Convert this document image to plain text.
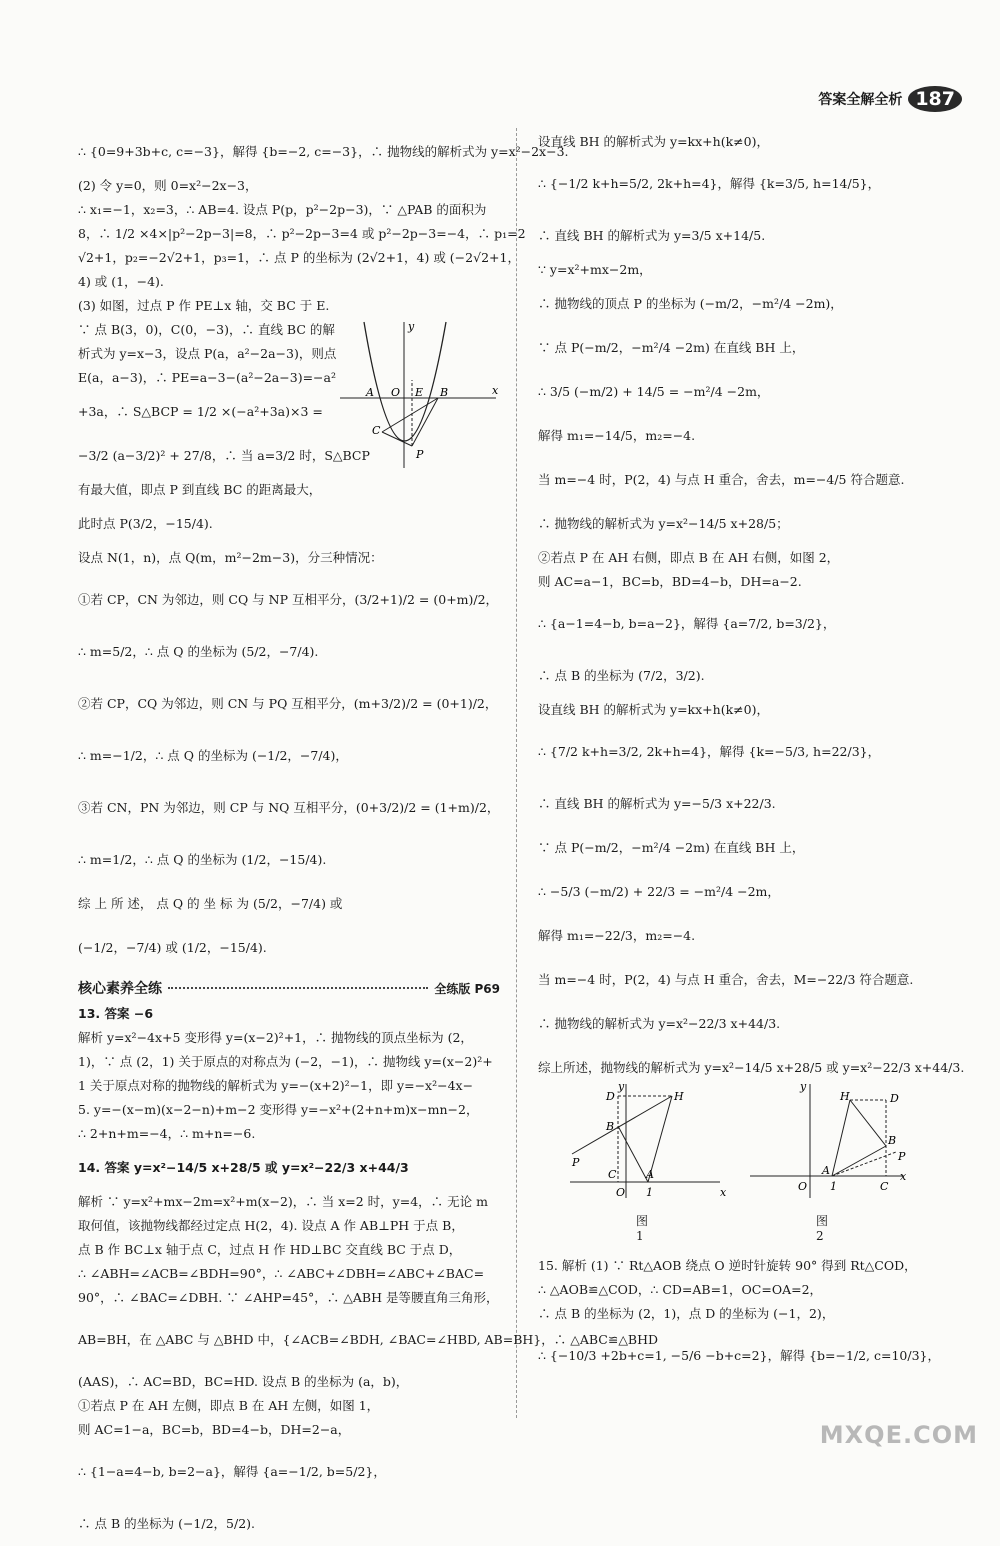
答案全解全析 187
∴ {0=9+3b+c, c=−3}，解得 {b=−2, c=−3}，∴ 抛物线的解析式为 y=x²−2x−3.
(2) 令 y=0，则 0=x²−2x−3，
∴ x₁=−1，x₂=3，∴ AB=4. 设点 P(p，p²−2p−3)，∵ △PAB 的面积为
8，∴ 1/2 ×4×|p²−2p−3|=8，∴ p²−2p−3=4 或 p²−2p−3=−4，∴ p₁=2
√2+1，p₂=−2√2+1，p₃=1，∴ 点 P 的坐标为 (2√2+1，4) 或 (−2√2+1，
4) 或 (1，−4).
(3) 如图，过点 P 作 PE⊥x 轴，交 BC 于 E.
∵ 点 B(3，0)，C(0，−3)，∴ 直线 BC 的解
析式为 y=x−3，设点 P(a，a²−2a−3)，则点
E(a，a−3)，∴ PE=a−3−(a²−2a−3)=−a²
+3a，∴ S△BCP = 1/2 ×(−a²+3a)×3 =
−3/2 (a−3/2)² + 27/8，∴ 当 a=3/2 时，S△BCP
有最大值，即点 P 到直线 BC 的距离最大，
此时点 P(3/2，−15/4).
设点 N(1，n)，点 Q(m，m²−2m−3)，分三种情况：
①若 CP，CN 为邻边，则 CQ 与 NP 互相平分，(3/2+1)/2 = (0+m)/2，
∴ m=5/2，∴ 点 Q 的坐标为 (5/2，−7/4).
②若 CP，CQ 为邻边，则 CN 与 PQ 互相平分，(m+3/2)/2 = (0+1)/2，
∴ m=−1/2，∴ 点 Q 的坐标为 (−1/2，−7/4)，
③若 CN，PN 为邻边，则 CP 与 NQ 互相平分，(0+3/2)/2 = (1+m)/2，
∴ m=1/2，∴ 点 Q 的坐标为 (1/2，−15/4).
综 上 所 述， 点 Q 的 坐 标 为 (5/2，−7/4) 或
(−1/2，−7/4) 或 (1/2，−15/4).
核心素养全练	全练版 P69
13. 答案 −6
解析 y=x²−4x+5 变形得 y=(x−2)²+1，∴ 抛物线的顶点坐标为 (2，
1)，∵ 点 (2，1) 关于原点的对称点为 (−2，−1)，∴ 抛物线 y=(x−2)²+
1 关于原点对称的抛物线的解析式为 y=−(x+2)²−1，即 y=−x²−4x−
5. y=−(x−m)(x−2−n)+m−2 变形得 y=−x²+(2+n+m)x−mn−2，
∴ 2+n+m=−4，∴ m+n=−6.
14. 答案 y=x²−14/5 x+28/5 或 y=x²−22/3 x+44/3
解析 ∵ y=x²+mx−2m=x²+m(x−2)，∴ 当 x=2 时，y=4，∴ 无论 m
取何值，该抛物线都经过定点 H(2，4). 设点 A 作 AB⊥PH 于点 B，
点 B 作 BC⊥x 轴于点 C，过点 H 作 HD⊥BC 交直线 BC 于点 D，
∴ ∠ABH=∠ACB=∠BDH=90°，∴ ∠ABC+∠DBH=∠ABC+∠BAC=
90°，∴ ∠BAC=∠DBH. ∵ ∠AHP=45°，∴ △ABH 是等腰直角三角形，
AB=BH，在 △ABC 与 △BHD 中，{∠ACB=∠BDH, ∠BAC=∠HBD, AB=BH}，∴ △ABC≌△BHD
(AAS)，∴ AC=BD，BC=HD. 设点 B 的坐标为 (a，b)，
①若点 P 在 AH 左侧，即点 B 在 AH 左侧，如图 1，
则 AC=1−a，BC=b，BD=4−b，DH=2−a，
∴ {1−a=4−b, b=2−a}，解得 {a=−1/2, b=5/2}，
∴ 点 B 的坐标为 (−1/2，5/2).
x
y
A O E B
C
P
设直线 BH 的解析式为 y=kx+h(k≠0)，
∴ {−1/2 k+h=5/2, 2k+h=4}，解得 {k=3/5, h=14/5}，
∴ 直线 BH 的解析式为 y=3/5 x+14/5.
∵ y=x²+mx−2m，
∴ 抛物线的顶点 P 的坐标为 (−m/2，−m²/4 −2m)，
∵ 点 P(−m/2，−m²/4 −2m) 在直线 BH 上，
∴ 3/5 (−m/2) + 14/5 = −m²/4 −2m，
解得 m₁=−14/5，m₂=−4.
当 m=−4 时，P(2，4) 与点 H 重合，舍去，m=−4/5 符合题意.
∴ 抛物线的解析式为 y=x²−14/5 x+28/5；
②若点 P 在 AH 右侧，即点 B 在 AH 右侧，如图 2，
则 AC=a−1，BC=b，BD=4−b，DH=a−2.
∴ {a−1=4−b, b=a−2}，解得 {a=7/2, b=3/2}，
∴ 点 B 的坐标为 (7/2，3/2).
设直线 BH 的解析式为 y=kx+h(k≠0)，
∴ {7/2 k+h=3/2, 2k+h=4}，解得 {k=−5/3, h=22/3}，
∴ 直线 BH 的解析式为 y=−5/3 x+22/3.
∵ 点 P(−m/2，−m²/4 −2m) 在直线 BH 上，
∴ −5/3 (−m/2) + 22/3 = −m²/4 −2m，
解得 m₁=−22/3，m₂=−4.
当 m=−4 时，P(2，4) 与点 H 重合，舍去，M=−22/3 符合题意.
∴ 抛物线的解析式为 y=x²−22/3 x+44/3.
综上所述，抛物线的解析式为 y=x²−14/5 x+28/5 或 y=x²−22/3 x+44/3.
y
x
D	H
B
P
C	A
O 1
y
x
H	D
B
P
A
O 1	C
图 1
图 2
15. 解析 (1) ∵ Rt△AOB 绕点 O 逆时针旋转 90° 得到 Rt△COD，
∴ △AOB≌△COD，∴ CD=AB=1，OC=OA=2，
∴ 点 B 的坐标为 (2，1)，点 D 的坐标为 (−1，2)，
∴ {−10/3 +2b+c=1, −5/6 −b+c=2}，解得 {b=−1/2, c=10/3}，
MXQE.COM
